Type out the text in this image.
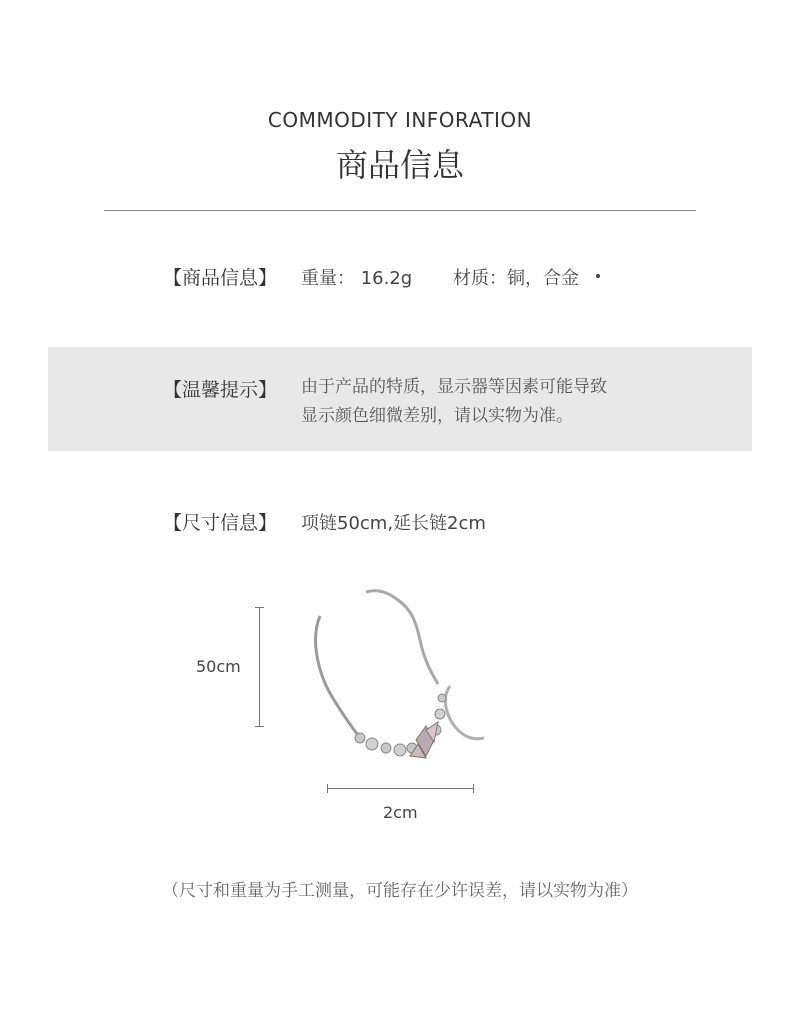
COMMODITY INFORATION
商品信息
【商品信息】 重量： 16.2g 材质：铜，合金
【温馨提示】 由于产品的特质，显示器等因素可能导致
显示颜色细微差别，请以实物为准。
【尺寸信息】 项链50cm,延长链2cm
50cm
2cm
（尺寸和重量为手工测量，可能存在少许误差，请以实物为准）
